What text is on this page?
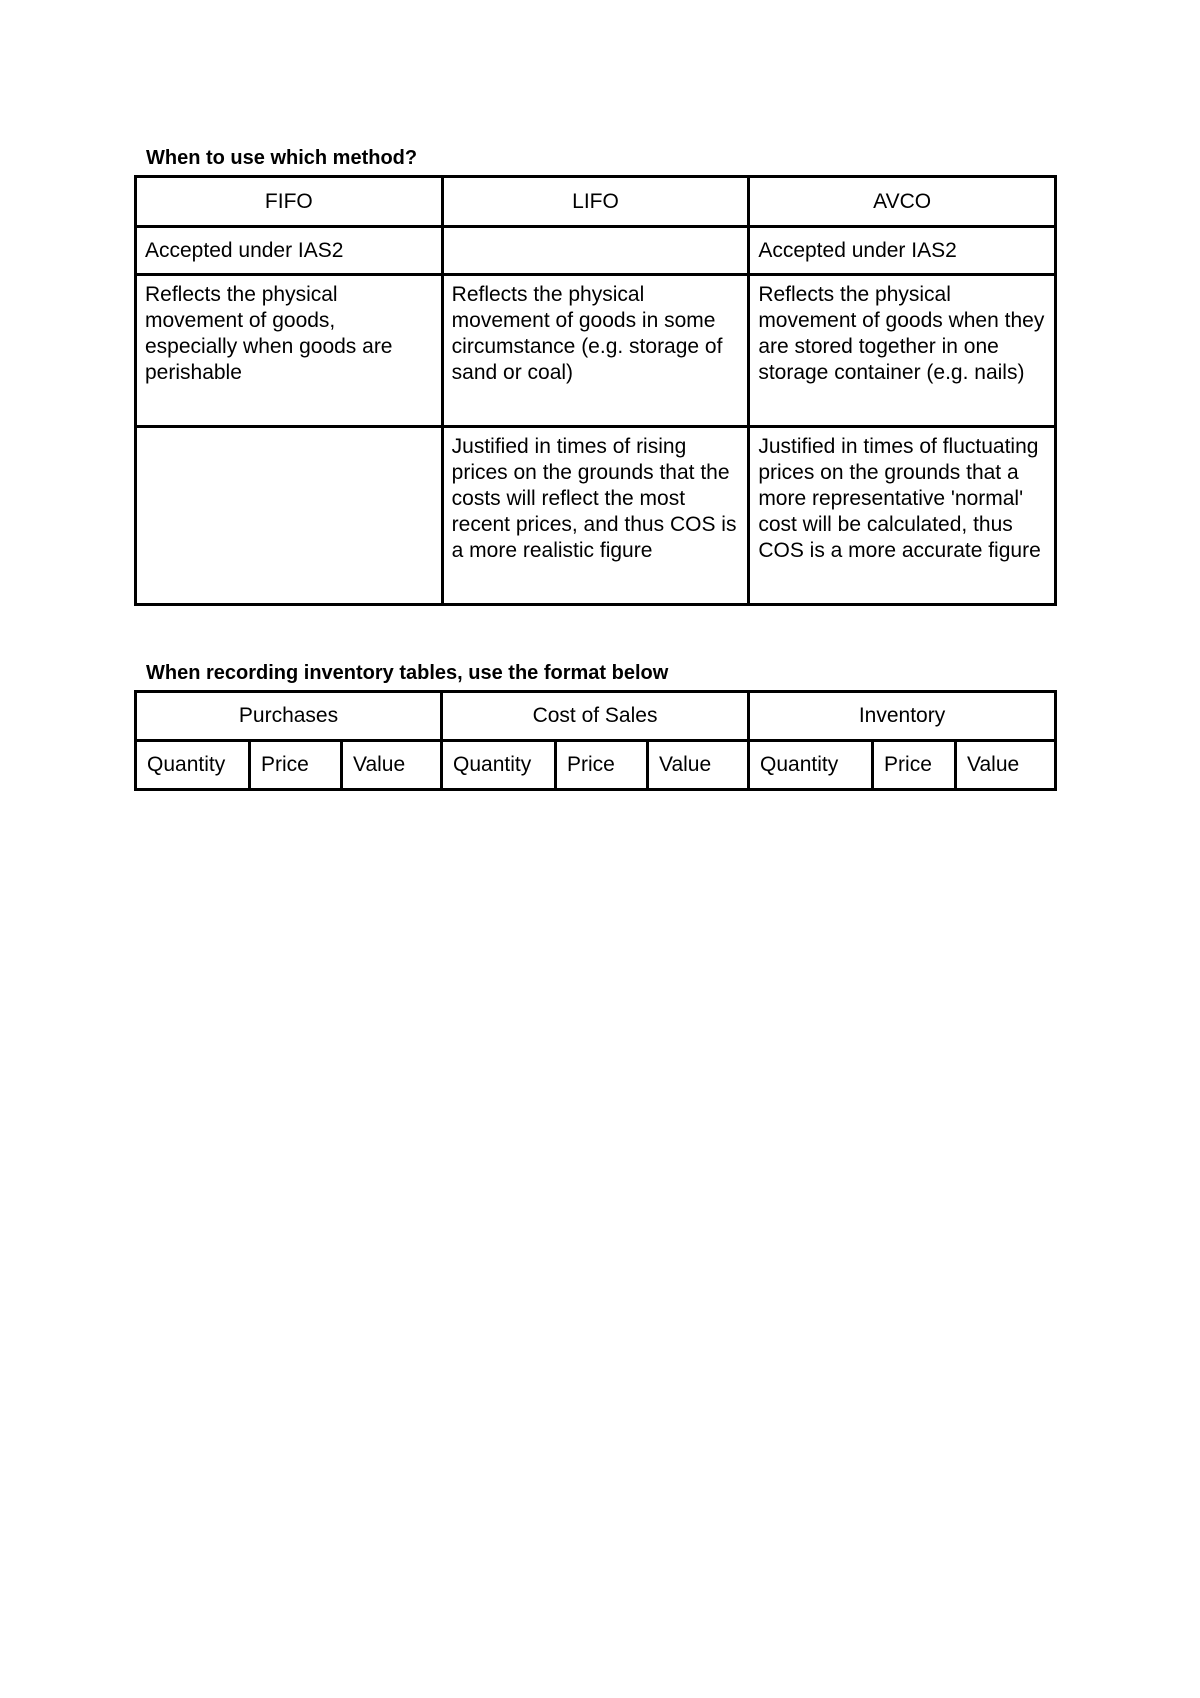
When to use which method?
FIFO	LIFO	AVCO
Accepted under IAS2		Accepted under IAS2
Reflects the physical movement of goods, especially when goods are perishable	Reflects the physical movement of goods in some circumstance (e.g. storage of sand or coal)	Reflects the physical movement of goods when they are stored together in one storage container (e.g. nails)
	Justified in times of rising prices on the grounds that the costs will reflect the most recent prices, and thus COS is a more realistic figure	Justified in times of fluctuating prices on the grounds that a more representative 'normal' cost will be calculated, thus COS is a more accurate figure
When recording inventory tables, use the format below
Purchases			Cost of Sales			Inventory		
Quantity	Price	Value	Quantity	Price	Value	Quantity	Price	Value
